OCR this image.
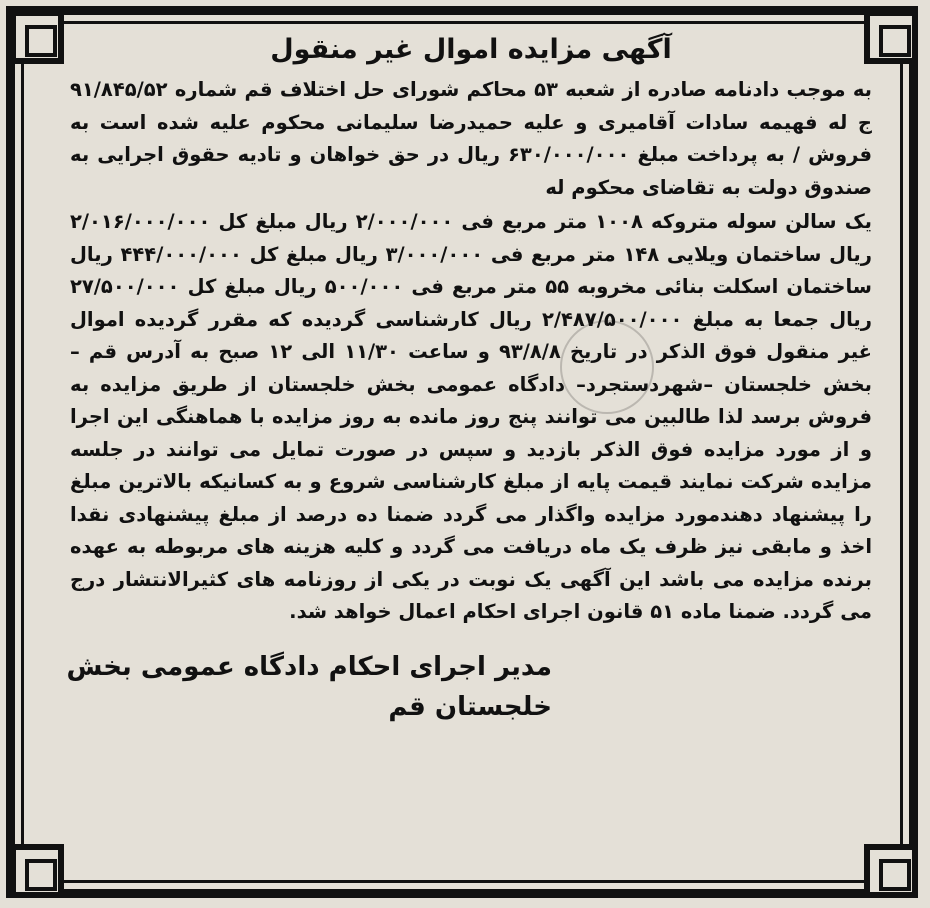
آگهی مزایده اموال غیر منقول

به موجب دادنامه صادره از شعبه ۵۳ محاکم شورای حل اختلاف قم شماره ۹۱/۸۴۵/۵۲ ج له فهیمه سادات آقامیری و علیه حمیدرضا سلیمانی محکوم علیه شده است به فروش / به پرداخت مبلغ ۶۳۰/۰۰۰/۰۰۰ ریال در حق خواهان و تادیه حقوق اجرایی به صندوق دولت به تقاضای محکوم له

یک سالن سوله متروکه ۱۰۰۸ متر مربع فی ۲/۰۰۰/۰۰۰ ریال مبلغ کل ۲/۰۱۶/۰۰۰/۰۰۰ ریال ساختمان ویلایی ۱۴۸ متر مربع فی ۳/۰۰۰/۰۰۰ ریال مبلغ کل ۴۴۴/۰۰۰/۰۰۰ ریال ساختمان اسکلت بنائی مخروبه ۵۵ متر مربع فی ۵۰۰/۰۰۰ ریال مبلغ کل ۲۷/۵۰۰/۰۰۰ ریال جمعا به مبلغ ۲/۴۸۷/۵۰۰/۰۰۰ ریال کارشناسی گردیده که مقرر گردیده اموال غیر منقول فوق الذکر در تاریخ ۹۳/۸/۸ و ساعت ۱۱/۳۰ الی ۱۲ صبح به آدرس قم – بخش خلجستان –شهردستجرد– دادگاه عمومی بخش خلجستان از طریق مزایده به فروش برسد لذا طالبین می توانند پنج روز مانده به روز مزایده با هماهنگی این اجرا و از مورد مزایده فوق الذکر بازدید و سپس در صورت تمایل می توانند در جلسه مزایده شرکت نمایند قیمت پایه از مبلغ کارشناسی شروع و به کسانیکه بالاترین مبلغ را پیشنهاد دهندمورد مزایده واگذار می گردد ضمنا ده درصد از مبلغ پیشنهادی نقدا اخذ و مابقی نیز ظرف یک ماه دریافت می گردد و کلیه هزینه های مربوطه به عهده برنده مزایده می باشد این آگهی یک نوبت در یکی از روزنامه های کثیرالانتشار درج می گردد. ضمنا ماده ۵۱ قانون اجرای احکام اعمال خواهد شد.

مدیر اجرای احکام دادگاه عمومی بخش
خلجستان قم
